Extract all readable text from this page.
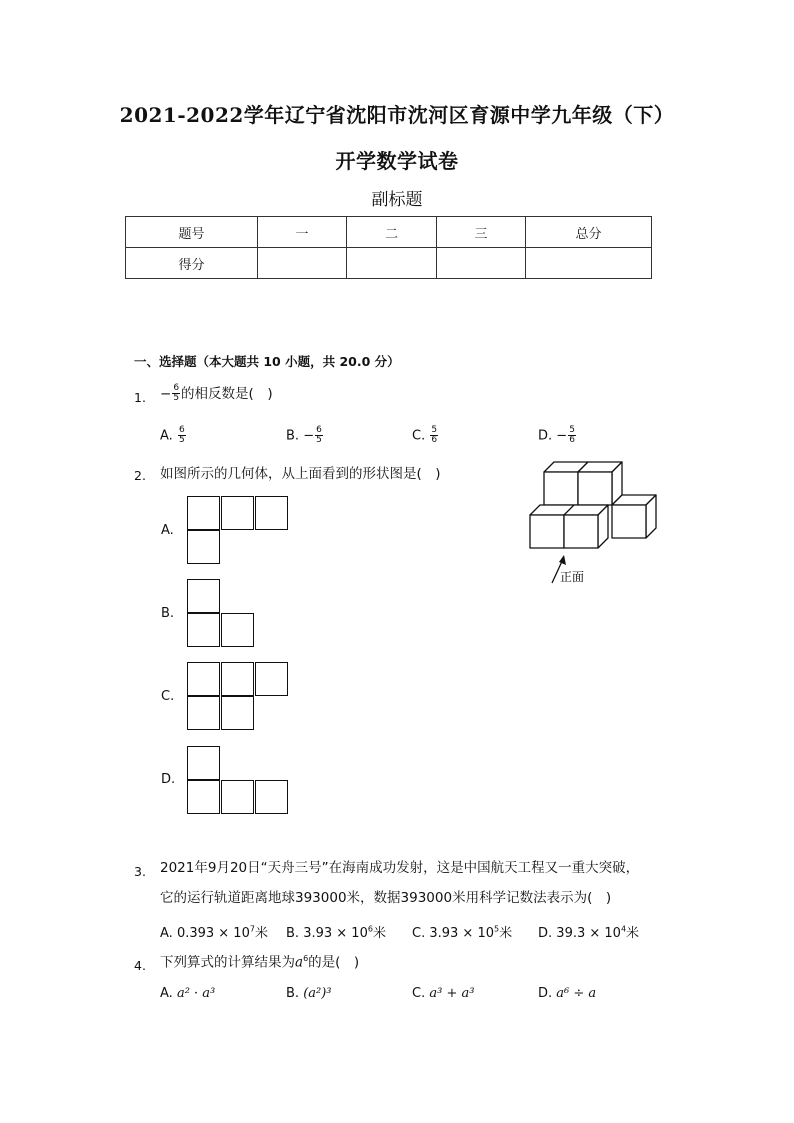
2021-2022学年辽宁省沈阳市沈河区育源中学九年级（下）
开学数学试卷
副标题
题号	一	二	三	总分
得分				
一、选择题（本大题共 10 小题，共 20.0 分）
1. − $\frac{6}{5}$ 的相反数是(　)
A. $\frac{6}{5}$	B. − $\frac{6}{5}$	C. $\frac{5}{6}$	D. − $\frac{5}{6}$
2. 如图所示的几何体，从上面看到的形状图是(　)
正面
A.
B.
C.
D.
3. 2021年9月20日“天舟三号”在海南成功发射，这是中国航天工程又一重大突破，
它的运行轨道距离地球393000米，数据393000米用科学记数法表示为(　)
A. $0.393 \times 10^7$米 B. $3.93 \times 10^6$米 C. $3.93 \times 10^5$米 D. $39.3 \times 10^4$米
4. 下列算式的计算结果为$a^6$的是(　)
A. a² · a³	B. (a²)³	C. a³ + a³	D. a⁶ ÷ a
